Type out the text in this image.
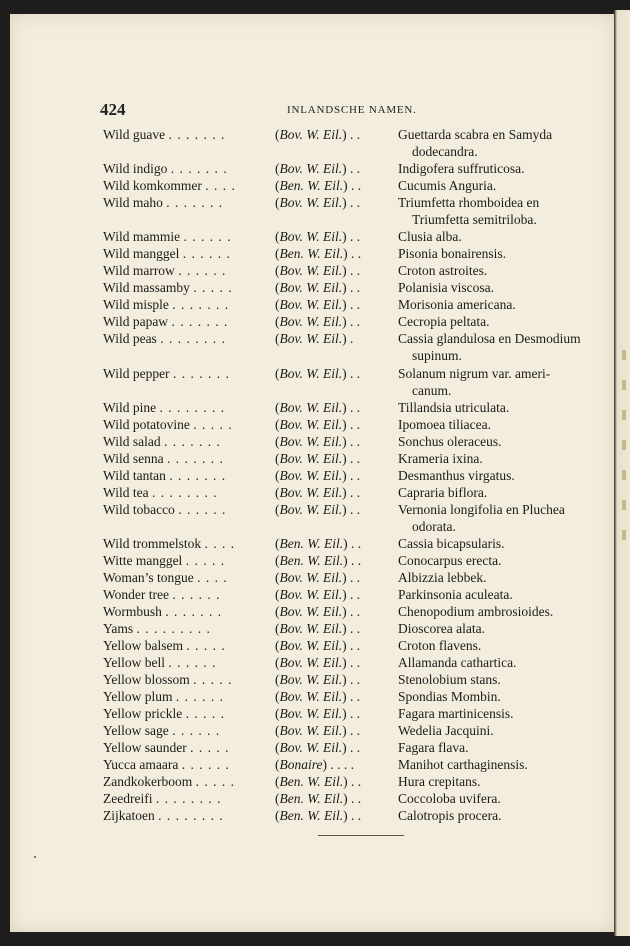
424	INLANDSCHE NAMEN.
Wild guave . . . . . . .	(Bov. W. Eil.) . .	Guettarda scabra en Samyda
dodecandra.
Wild indigo . . . . . . .	(Bov. W. Eil.) . .	Indigofera suffruticosa.
Wild komkommer . . . .	(Ben. W. Eil.) . .	Cucumis Anguria.
Wild maho . . . . . . .	(Bov. W. Eil.) . .	Triumfetta rhomboidea en
Triumfetta semitriloba.
Wild mammie . . . . . .	(Bov. W. Eil.) . .	Clusia alba.
Wild manggel . . . . . .	(Ben. W. Eil.) . .	Pisonia bonairensis.
Wild marrow . . . . . .	(Bov. W. Eil.) . .	Croton astroites.
Wild massamby . . . . .	(Bov. W. Eil.) . .	Polanisia viscosa.
Wild misple . . . . . . .	(Bov. W. Eil.) . .	Morisonia americana.
Wild papaw . . . . . . .	(Bov. W. Eil.) . .	Cecropia peltata.
Wild peas . . . . . . . .	(Bov. W. Eil.) .	Cassia glandulosa en Desmodium
supinum.
Wild pepper . . . . . . .	(Bov. W. Eil.) . .	Solanum nigrum var. ameri-
canum.
Wild pine . . . . . . . .	(Bov. W. Eil.) . .	Tillandsia utriculata.
Wild potatovine . . . . .	(Bov. W. Eil.) . .	Ipomoea tiliacea.
Wild salad . . . . . . .	(Bov. W. Eil.) . .	Sonchus oleraceus.
Wild senna . . . . . . .	(Bov. W. Eil.) . .	Krameria ixina.
Wild tantan . . . . . . .	(Bov. W. Eil.) . .	Desmanthus virgatus.
Wild tea . . . . . . . .	(Bov. W. Eil.) . .	Capraria biflora.
Wild tobacco . . . . . .	(Bov. W. Eil.) . .	Vernonia longifolia en Pluchea
odorata.
Wild trommelstok . . . .	(Ben. W. Eil.) . .	Cassia bicapsularis.
Witte manggel . . . . .	(Ben. W. Eil.) . .	Conocarpus erecta.
Woman’s tongue . . . .	(Bov. W. Eil.) . .	Albizzia lebbek.
Wonder tree . . . . . .	(Bov. W. Eil.) . .	Parkinsonia aculeata.
Wormbush . . . . . . .	(Bov. W. Eil.) . .	Chenopodium ambrosioides.
Yams . . . . . . . . .	(Bov. W. Eil.) . .	Dioscorea alata.
Yellow balsem . . . . .	(Bov. W. Eil.) . .	Croton flavens.
Yellow bell . . . . . .	(Bov. W. Eil.) . .	Allamanda cathartica.
Yellow blossom . . . . .	(Bov. W. Eil.) . .	Stenolobium stans.
Yellow plum . . . . . .	(Bov. W. Eil.) . .	Spondias Mombin.
Yellow prickle . . . . .	(Bov. W. Eil.) . .	Fagara martinicensis.
Yellow sage . . . . . .	(Bov. W. Eil.) . .	Wedelia Jacquini.
Yellow saunder . . . . .	(Bov. W. Eil.) . .	Fagara flava.
Yucca amaara . . . . . .	(Bonaire) . . . .	Manihot carthaginensis.
Zandkokerboom . . . . .	(Ben. W. Eil.) . .	Hura crepitans.
Zeedreifi . . . . . . . .	(Ben. W. Eil.) . .	Coccoloba uvifera.
Zijkatoen . . . . . . . .	(Ben. W. Eil.) . .	Calotropis procera.
